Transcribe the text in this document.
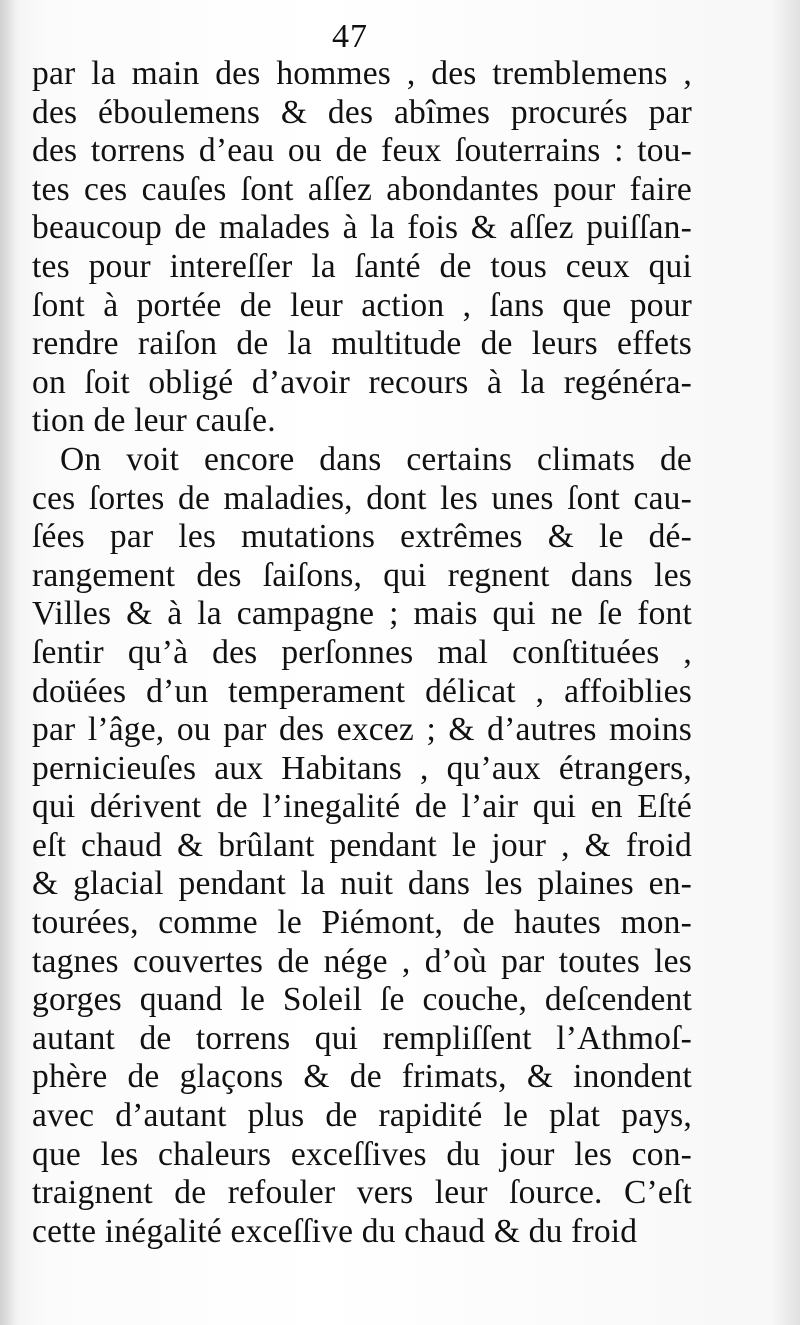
47
par la main des hommes , des tremblemens ,
des éboulemens & des abîmes procurés par
des torrens d’eau ou de feux ſouterrains : tou-
tes ces cauſes ſont aſſez abondantes pour faire
beaucoup de malades à la fois & aſſez puiſſan-
tes pour intereſſer la ſanté de tous ceux qui
ſont à portée de leur action , ſans que pour
rendre raiſon de la multitude de leurs effets
on ſoit obligé d’avoir recours à la regénéra-
tion de leur cauſe.
On voit encore dans certains climats de
ces ſortes de maladies, dont les unes ſont cau-
ſées par les mutations extrêmes & le dé-
rangement des ſaiſons, qui regnent dans les
Villes & à la campagne ; mais qui ne ſe font
ſentir qu’à des perſonnes mal conſtituées ,
doüées d’un temperament délicat , affoiblies
par l’âge, ou par des excez ; & d’autres moins
pernicieuſes aux Habitans , qu’aux étrangers,
qui dérivent de l’inegalité de l’air qui en Eſté
eſt chaud & brûlant pendant le jour , & froid
& glacial pendant la nuit dans les plaines en-
tourées, comme le Piémont, de hautes mon-
tagnes couvertes de nége , d’où par toutes les
gorges quand le Soleil ſe couche, deſcendent
autant de torrens qui rempliſſent l’Athmoſ-
phère de glaçons & de frimats, & inondent
avec d’autant plus de rapidité le plat pays,
que les chaleurs exceſſives du jour les con-
traignent de refouler vers leur ſource. C’eſt
cette inégalité exceſſive du chaud & du froid
